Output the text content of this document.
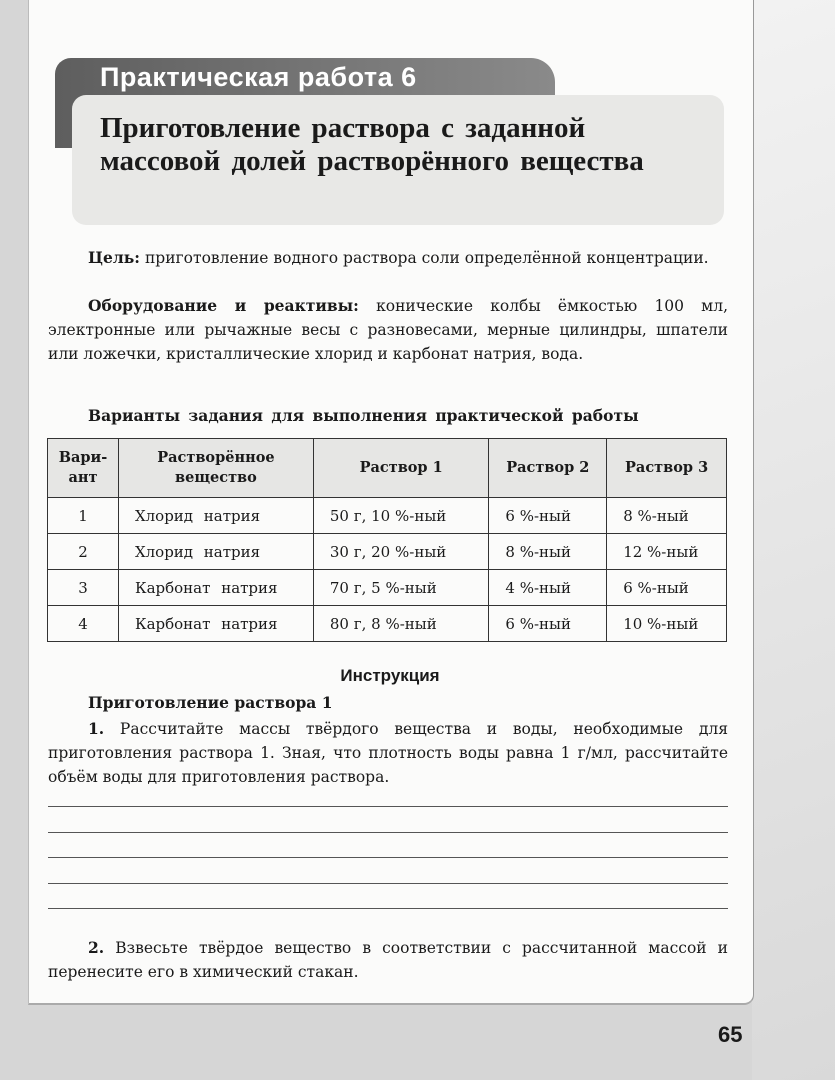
Практическая работа 6
Приготовление раствора с заданной массовой долей растворённого вещества
Цель: приготовление водного раствора соли определённой концентрации.
Оборудование и реактивы: конические колбы ёмкостью 100 мл, электронные или рычажные весы с разновесами, мерные цилиндры, шпатели или ложечки, кристаллические хлорид и карбонат натрия, вода.
Варианты задания для выполнения практической работы
Вари-ант	Растворённое вещество	Раствор 1	Раствор 2	Раствор 3
1	Хлорид натрия	50 г, 10 %-ный	6 %-ный	8 %-ный
2	Хлорид натрия	30 г, 20 %-ный	8 %-ный	12 %-ный
3	Карбонат натрия	70 г, 5 %-ный	4 %-ный	6 %-ный
4	Карбонат натрия	80 г, 8 %-ный	6 %-ный	10 %-ный
Инструкция
Приготовление раствора 1
1. Рассчитайте массы твёрдого вещества и воды, необходимые для приготовления раствора 1. Зная, что плотность воды равна 1 г/мл, рассчитайте объём воды для приготовления раствора.
2. Взвесьте твёрдое вещество в соответствии с рассчитанной массой и перенесите его в химический стакан.
65
